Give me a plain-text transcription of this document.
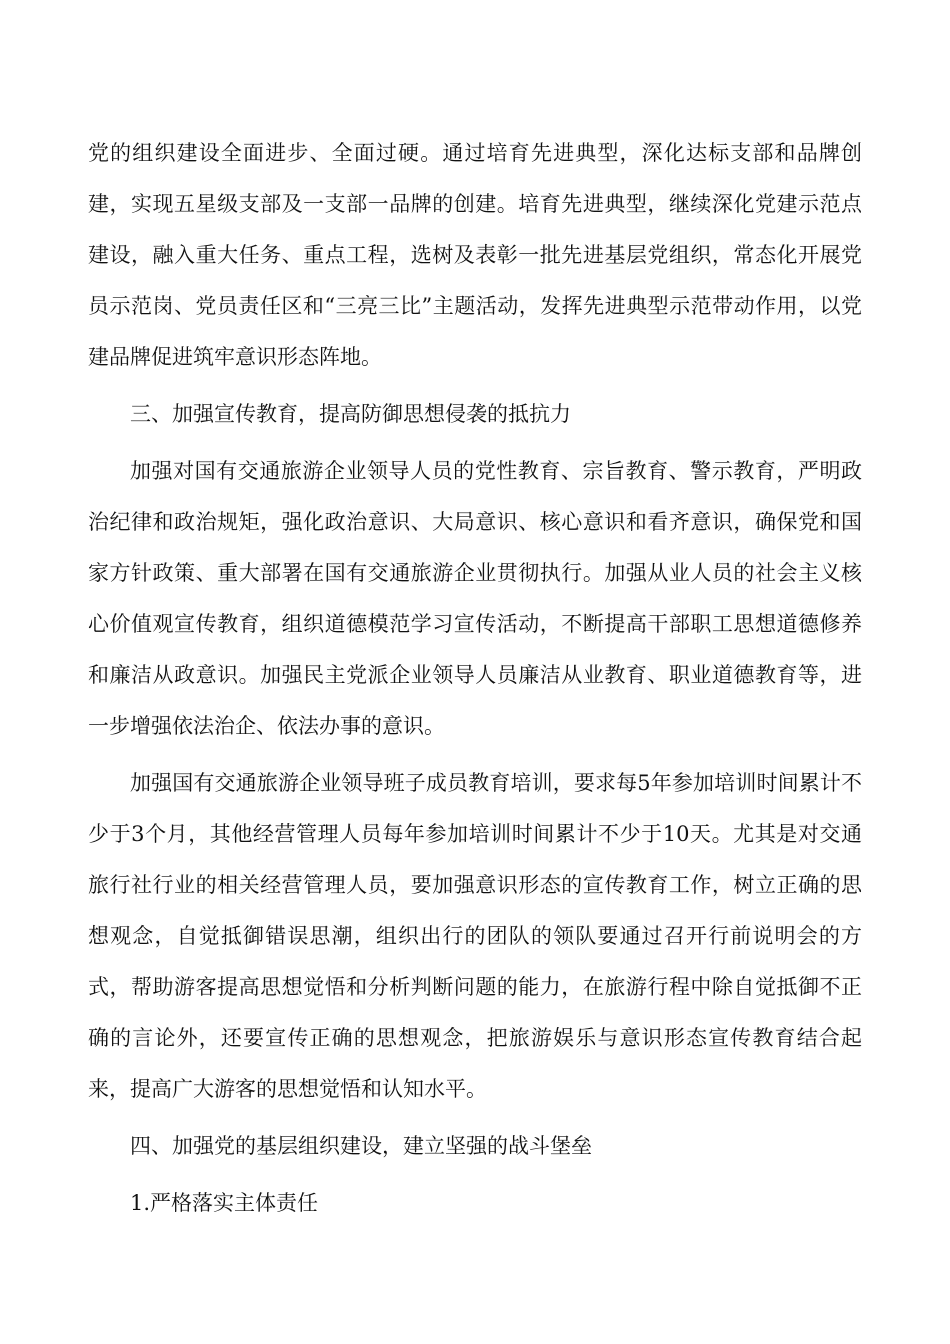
党的组织建设全面进步、全面过硬。通过培育先进典型，深化达标支部和品牌创建，实现五星级支部及一支部一品牌的创建。培育先进典型，继续深化党建示范点建设，融入重大任务、重点工程，选树及表彰一批先进基层党组织，常态化开展党员示范岗、党员责任区和“三亮三比”主题活动，发挥先进典型示范带动作用，以党建品牌促进筑牢意识形态阵地。

三、加强宣传教育，提高防御思想侵袭的抵抗力

加强对国有交通旅游企业领导人员的党性教育、宗旨教育、警示教育，严明政治纪律和政治规矩，强化政治意识、大局意识、核心意识和看齐意识，确保党和国家方针政策、重大部署在国有交通旅游企业贯彻执行。加强从业人员的社会主义核心价值观宣传教育，组织道德模范学习宣传活动，不断提高干部职工思想道德修养和廉洁从政意识。加强民主党派企业领导人员廉洁从业教育、职业道德教育等，进一步增强依法治企、依法办事的意识。

加强国有交通旅游企业领导班子成员教育培训，要求每5年参加培训时间累计不少于3个月，其他经营管理人员每年参加培训时间累计不少于10天。尤其是对交通旅行社行业的相关经营管理人员，要加强意识形态的宣传教育工作，树立正确的思想观念，自觉抵御错误思潮，组织出行的团队的领队要通过召开行前说明会的方式，帮助游客提高思想觉悟和分析判断问题的能力，在旅游行程中除自觉抵御不正确的言论外，还要宣传正确的思想观念，把旅游娱乐与意识形态宣传教育结合起来，提高广大游客的思想觉悟和认知水平。

四、加强党的基层组织建设，建立坚强的战斗堡垒

1.严格落实主体责任
